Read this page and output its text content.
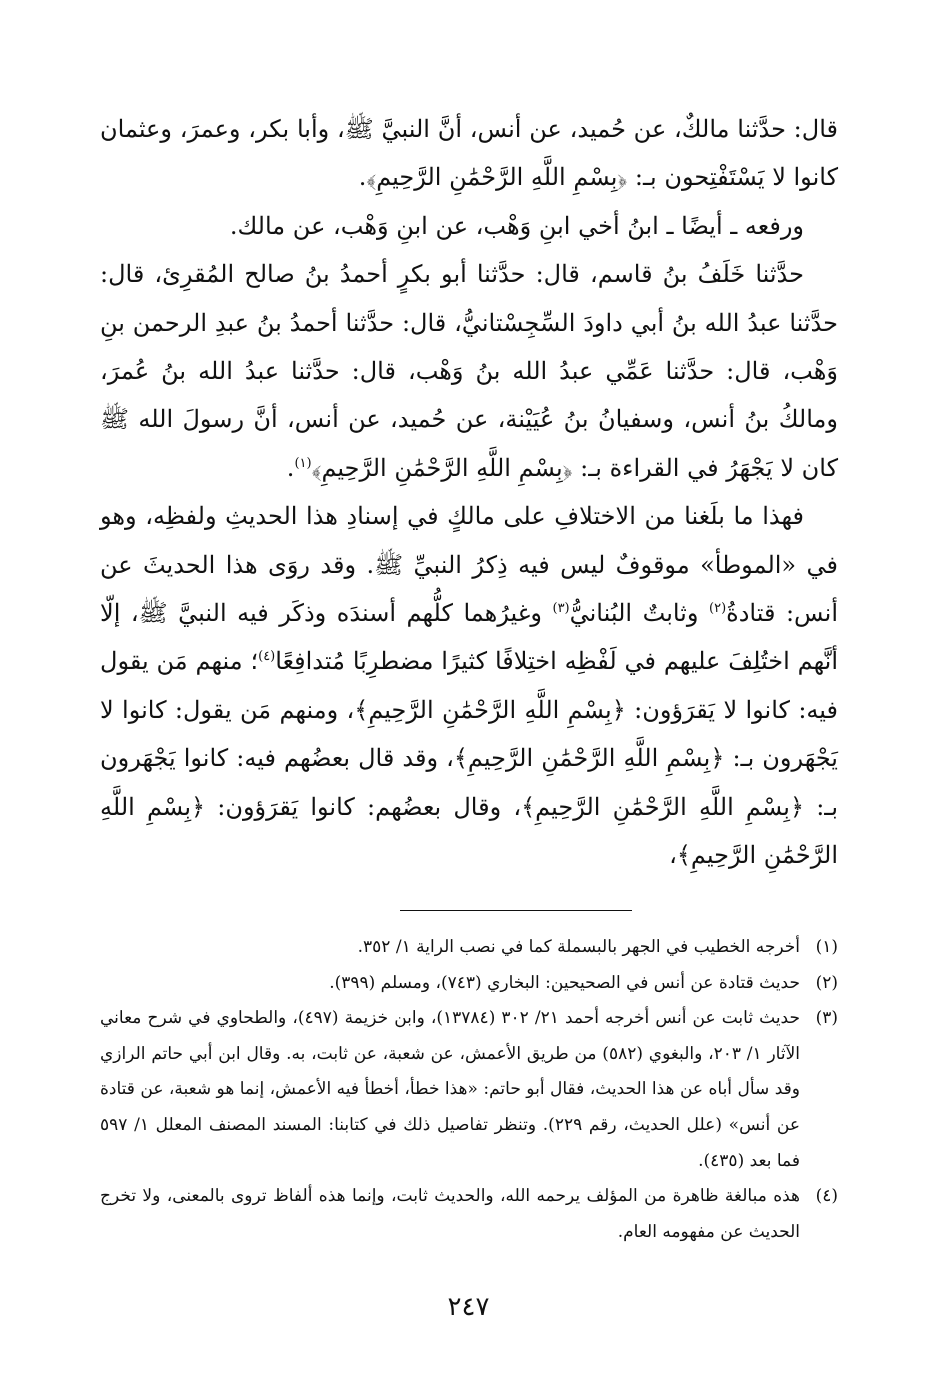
قال: حدَّثنا مالكٌ، عن حُميد، عن أنس، أنَّ النبيَّ ﷺ، وأبا بكر، وعمرَ، وعثمان كانوا لا يَسْتَفْتِحون بـ: ﴿بِسْمِ اللَّهِ الرَّحْمَٰنِ الرَّحِيمِ﴾.

ورفعه ـ أيضًا ـ ابنُ أخي ابنِ وَهْب، عن ابنِ وَهْب، عن مالك.

حدَّثنا خَلَفُ بنُ قاسم، قال: حدَّثنا أبو بكرٍ أحمدُ بنُ صالح المُقرِئ، قال: حدَّثنا عبدُ الله بنُ أبي داودَ السِّجِسْتانيُّ، قال: حدَّثنا أحمدُ بنُ عبدِ الرحمن بنِ وَهْب، قال: حدَّثنا عَمِّي عبدُ الله بنُ وَهْب، قال: حدَّثنا عبدُ الله بنُ عُمرَ، ومالكُ بنُ أنس، وسفيانُ بنُ عُيَيْنة، عن حُميد، عن أنس، أنَّ رسولَ الله ﷺ كان لا يَجْهَرُ في القراءة بـ: ﴿بِسْمِ اللَّهِ الرَّحْمَٰنِ الرَّحِيمِ﴾$^{(١)}$.

فهذا ما بلَغنا من الاختلافِ على مالكٍ في إسنادِ هذا الحديثِ ولفظِه، وهو في «الموطأ» موقوفٌ ليس فيه ذِكرُ النبيِّ ﷺ. وقد روَى هذا الحديثَ عن أنس: قتادةُ$^{(٢)}$ وثابتٌ البُنانيُّ$^{(٣)}$ وغيرُهما كلُّهم أسندَه وذكَر فيه النبيَّ ﷺ، إلّا أنَّهم اختُلِفَ عليهم في لَفْظِه اختِلافًا كثيرًا مضطرِبًا مُتدافِعًا$^{(٤)}$؛ منهم مَن يقول فيه: كانوا لا يَقرَؤون: ﴿بِسْمِ اللَّهِ الرَّحْمَٰنِ الرَّحِيمِ﴾، ومنهم مَن يقول: كانوا لا يَجْهَرون بـ: ﴿بِسْمِ اللَّهِ الرَّحْمَٰنِ الرَّحِيمِ﴾، وقد قال بعضُهم فيه: كانوا يَجْهَرون بـ: ﴿بِسْمِ اللَّهِ الرَّحْمَٰنِ الرَّحِيمِ﴾، وقال بعضُهم: كانوا يَقرَؤون: ﴿بِسْمِ اللَّهِ الرَّحْمَٰنِ الرَّحِيمِ﴾،

(١)أخرجه الخطيب في الجهر بالبسملة كما في نصب الراية ١/ ٣٥٢.

(٢)حديث قتادة عن أنس في الصحيحين: البخاري (٧٤٣)، ومسلم (٣٩٩).

(٣)حديث ثابت عن أنس أخرجه أحمد ٢١/ ٣٠٢ (١٣٧٨٤)، وابن خزيمة (٤٩٧)، والطحاوي في شرح معاني الآثار ١/ ٢٠٣، والبغوي (٥٨٢) من طريق الأعمش، عن شعبة، عن ثابت، به. وقال ابن أبي حاتم الرازي وقد سأل أباه عن هذا الحديث، فقال أبو حاتم: «هذا خطأ، أخطأ فيه الأعمش، إنما هو شعبة، عن قتادة عن أنس» (علل الحديث، رقم ٢٢٩). وتنظر تفاصيل ذلك في كتابنا: المسند المصنف المعلل ١/ ٥٩٧ فما بعد (٤٣٥).

(٤)هذه مبالغة ظاهرة من المؤلف يرحمه الله، والحديث ثابت، وإنما هذه ألفاظ تروى بالمعنى، ولا تخرج الحديث عن مفهومه العام.

٢٤٧
